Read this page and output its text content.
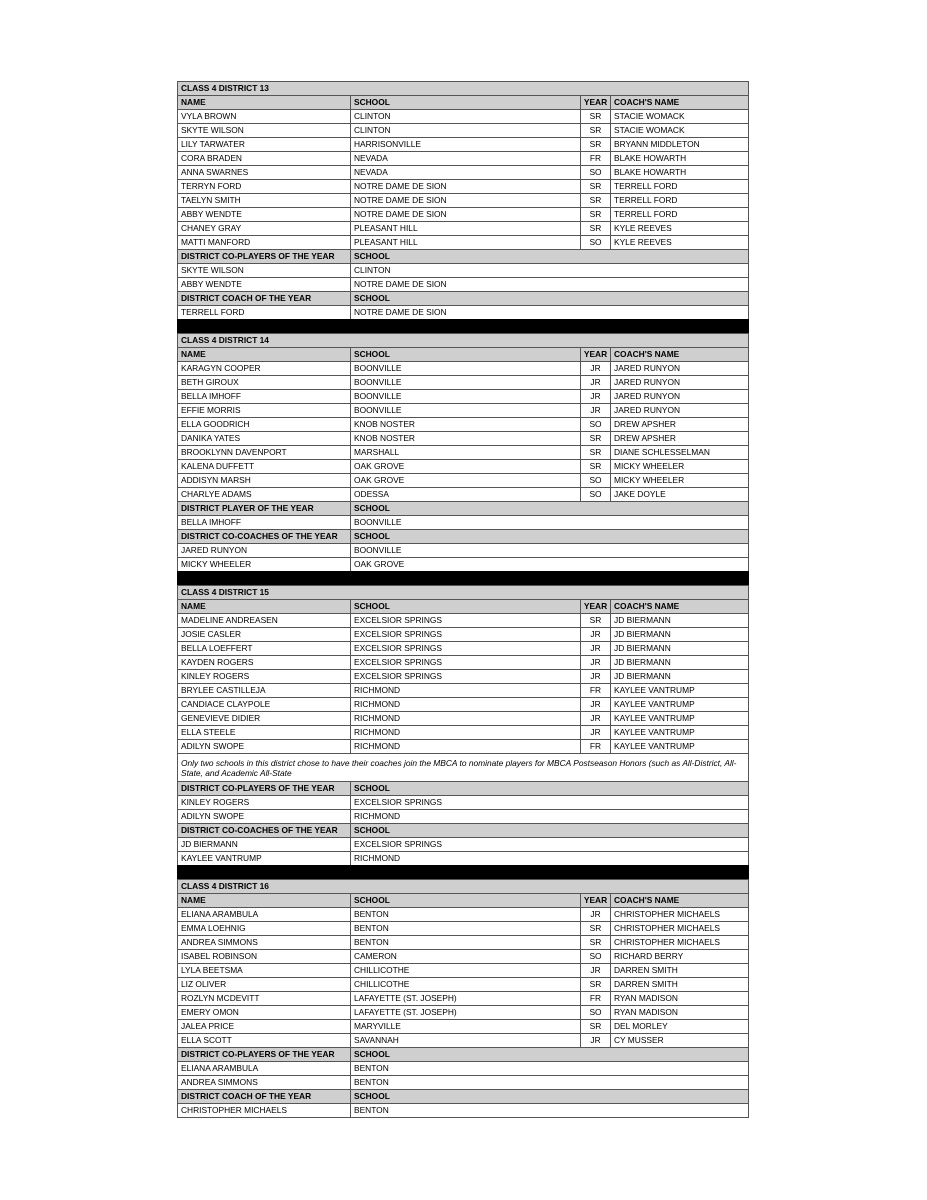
CLASS 4 DISTRICT 13
NAME	SCHOOL	YEAR COACH'S NAME
VYLA BROWN	CLINTON	SR	STACIE WOMACK
SKYTE WILSON	CLINTON	SR	STACIE WOMACK
LILY TARWATER	HARRISONVILLE	SR	BRYANN MIDDLETON
CORA BRADEN	NEVADA	FR	BLAKE HOWARTH
ANNA SWARNES	NEVADA	SO	BLAKE HOWARTH
TERRYN FORD	NOTRE DAME DE SION	SR	TERRELL FORD
TAELYN SMITH	NOTRE DAME DE SION	SR	TERRELL FORD
ABBY WENDTE	NOTRE DAME DE SION	SR	TERRELL FORD
CHANEY GRAY	PLEASANT HILL	SR	KYLE REEVES
MATTI MANFORD	PLEASANT HILL	SO	KYLE REEVES
DISTRICT CO-PLAYERS OF THE YEAR	SCHOOL
SKYTE WILSON	CLINTON
ABBY WENDTE	NOTRE DAME DE SION
DISTRICT COACH OF THE YEAR	SCHOOL
TERRELL FORD	NOTRE DAME DE SION
CLASS 4 DISTRICT 14
NAME	SCHOOL	YEAR COACH'S NAME
KARAGYN COOPER	BOONVILLE	JR	JARED RUNYON
BETH GIROUX	BOONVILLE	JR	JARED RUNYON
BELLA IMHOFF	BOONVILLE	JR	JARED RUNYON
EFFIE MORRIS	BOONVILLE	JR	JARED RUNYON
ELLA GOODRICH	KNOB NOSTER	SO	DREW APSHER
DANIKA YATES	KNOB NOSTER	SR	DREW APSHER
BROOKLYNN DAVENPORT	MARSHALL	SR	DIANE SCHLESSELMAN
KALENA DUFFETT	OAK GROVE	SR	MICKY WHEELER
ADDISYN MARSH	OAK GROVE	SO	MICKY WHEELER
CHARLYE ADAMS	ODESSA	SO	JAKE DOYLE
DISTRICT PLAYER OF THE YEAR	SCHOOL
BELLA IMHOFF	BOONVILLE
DISTRICT CO-COACHES OF THE YEAR	SCHOOL
JARED RUNYON	BOONVILLE
MICKY WHEELER	OAK GROVE
CLASS 4 DISTRICT 15
NAME	SCHOOL	YEAR COACH'S NAME
MADELINE ANDREASEN	EXCELSIOR SPRINGS	SR	JD BIERMANN
JOSIE CASLER	EXCELSIOR SPRINGS	JR	JD BIERMANN
BELLA LOEFFERT	EXCELSIOR SPRINGS	JR	JD BIERMANN
KAYDEN ROGERS	EXCELSIOR SPRINGS	JR	JD BIERMANN
KINLEY ROGERS	EXCELSIOR SPRINGS	JR	JD BIERMANN
BRYLEE CASTILLEJA	RICHMOND	FR	KAYLEE VANTRUMP
CANDIACE CLAYPOLE	RICHMOND	JR	KAYLEE VANTRUMP
GENEVIEVE DIDIER	RICHMOND	JR	KAYLEE VANTRUMP
ELLA STEELE	RICHMOND	JR	KAYLEE VANTRUMP
ADILYN SWOPE	RICHMOND	FR	KAYLEE VANTRUMP
Only two schools in this district chose to have their coaches join the MBCA to nominate players for MBCA Postseason Honors (such as All-District, All-State, and Academic All-State
DISTRICT CO-PLAYERS OF THE YEAR	SCHOOL
KINLEY ROGERS	EXCELSIOR SPRINGS
ADILYN SWOPE	RICHMOND
DISTRICT CO-COACHES OF THE YEAR	SCHOOL
JD BIERMANN	EXCELSIOR SPRINGS
KAYLEE VANTRUMP	RICHMOND
CLASS 4 DISTRICT 16
NAME	SCHOOL	YEAR COACH'S NAME
ELIANA ARAMBULA	BENTON	JR	CHRISTOPHER MICHAELS
EMMA LOEHNIG	BENTON	SR	CHRISTOPHER MICHAELS
ANDREA SIMMONS	BENTON	SR	CHRISTOPHER MICHAELS
ISABEL ROBINSON	CAMERON	SO	RICHARD BERRY
LYLA BEETSMA	CHILLICOTHE	JR	DARREN SMITH
LIZ OLIVER	CHILLICOTHE	SR	DARREN SMITH
ROZLYN MCDEVITT	LAFAYETTE (ST. JOSEPH)	FR	RYAN MADISON
EMERY OMON	LAFAYETTE (ST. JOSEPH)	SO	RYAN MADISON
JALEA PRICE	MARYVILLE	SR	DEL MORLEY
ELLA SCOTT	SAVANNAH	JR	CY MUSSER
DISTRICT CO-PLAYERS OF THE YEAR	SCHOOL
ELIANA ARAMBULA	BENTON
ANDREA SIMMONS	BENTON
DISTRICT COACH OF THE YEAR	SCHOOL
CHRISTOPHER MICHAELS	BENTON
